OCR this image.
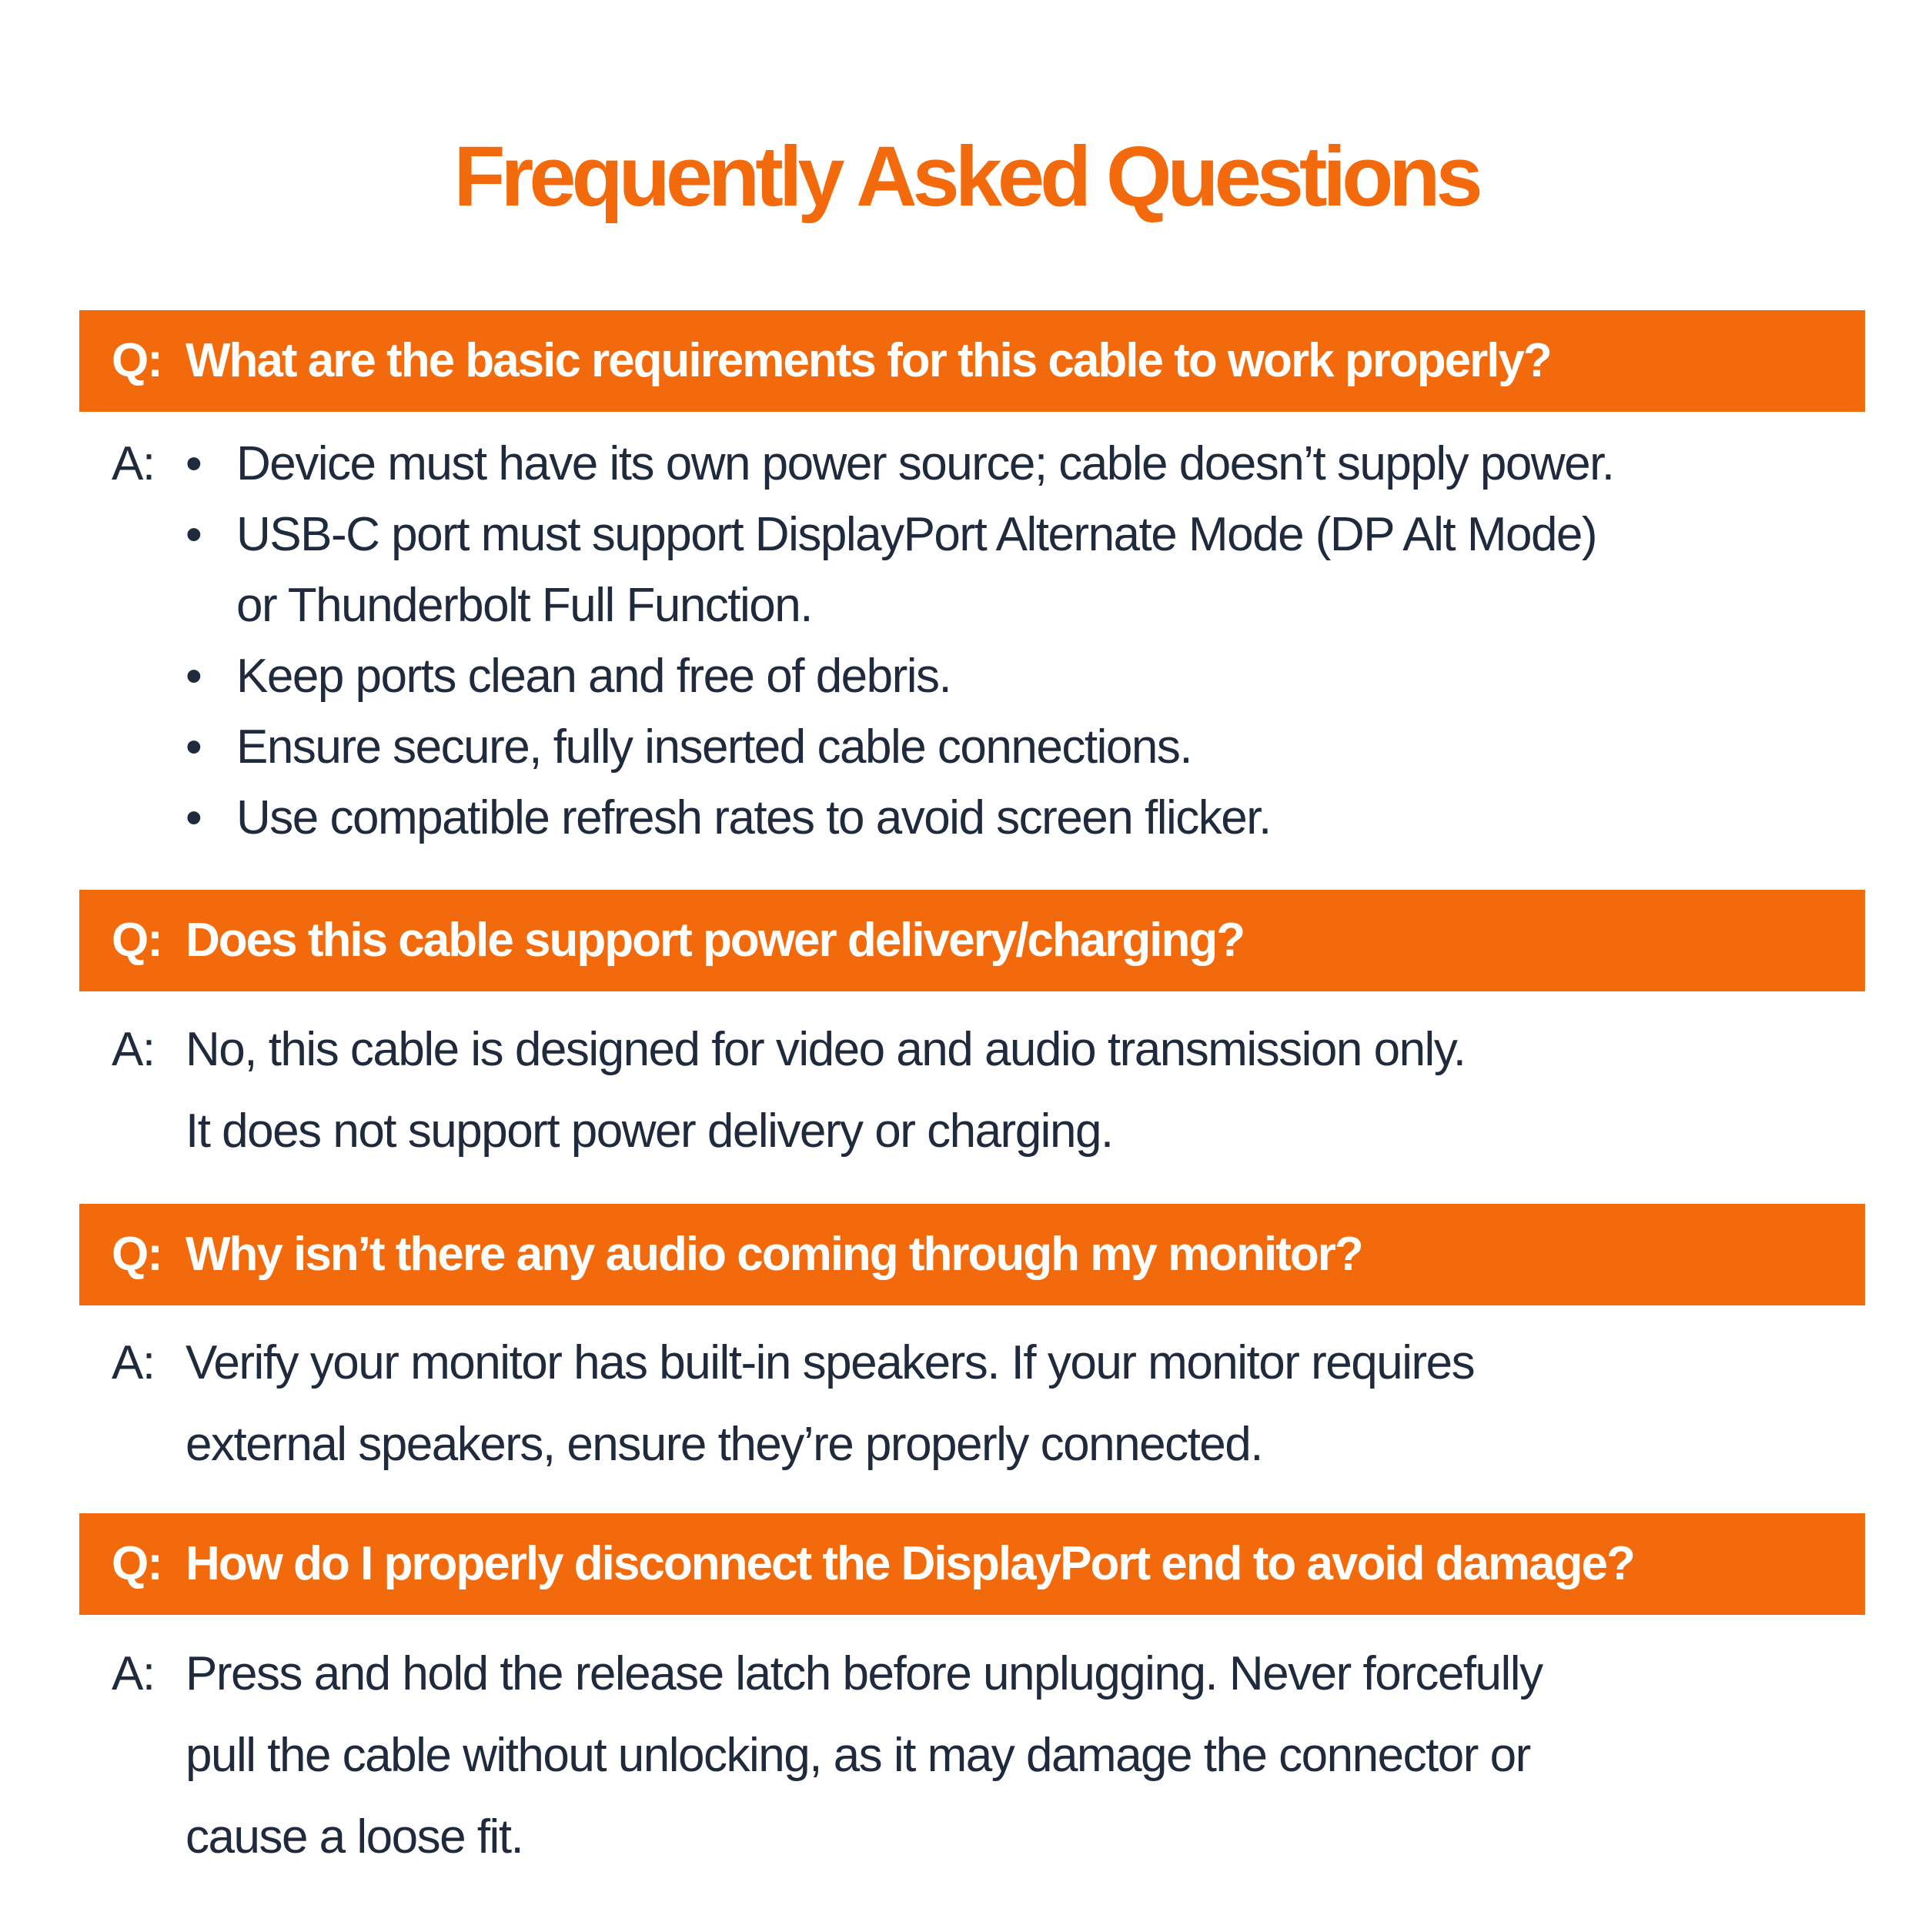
Frequently Asked Questions
Q: What are the basic requirements for this cable to work properly?
A: • Device must have its own power source; cable doesn’t supply power.
• USB-C port must support DisplayPort Alternate Mode (DP Alt Mode)
or Thunderbolt Full Function.
• Keep ports clean and free of debris.
• Ensure secure, fully inserted cable connections.
• Use compatible refresh rates to avoid screen flicker.
Q: Does this cable support power delivery/charging?
A: No, this cable is designed for video and audio transmission only.
It does not support power delivery or charging.
Q: Why isn’t there any audio coming through my monitor?
A: Verify your monitor has built-in speakers. If your monitor requires
external speakers, ensure they’re properly connected.
Q: How do I properly disconnect the DisplayPort end to avoid damage?
A: Press and hold the release latch before unplugging. Never forcefully
pull the cable without unlocking, as it may damage the connector or
cause a loose fit.
